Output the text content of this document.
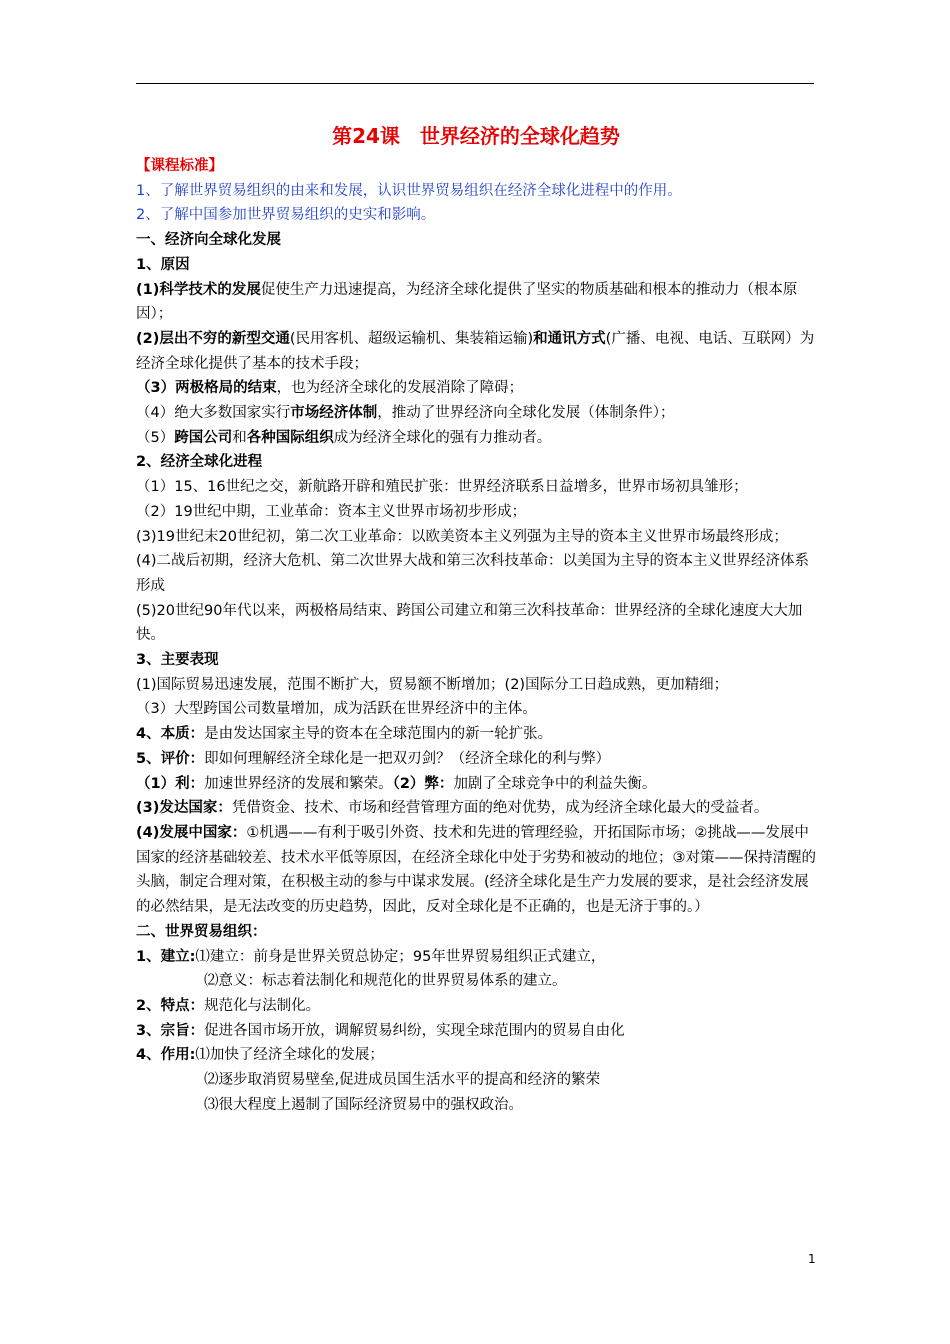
第24课　世界经济的全球化趋势

【课程标准】

1、了解世界贸易组织的由来和发展，认识世界贸易组织在经济全球化进程中的作用。

2、了解中国参加世界贸易组织的史实和影响。

一、经济向全球化发展

1、原因

(1)科学技术的发展促使生产力迅速提高，为经济全球化提供了坚实的物质基础和根本的推动力（根本原因）；

(2)层出不穷的新型交通(民用客机、超级运输机、集装箱运输)和通讯方式(广播、电视、电话、互联网）为经济全球化提供了基本的技术手段；

（3）两极格局的结束，也为经济全球化的发展消除了障碍；

（4）绝大多数国家实行市场经济体制，推动了世界经济向全球化发展（体制条件）；

（5）跨国公司和各种国际组织成为经济全球化的强有力推动者。

2、经济全球化进程

（1）15、16世纪之交，新航路开辟和殖民扩张：世界经济联系日益增多，世界市场初具雏形；

（2）19世纪中期，工业革命：资本主义世界市场初步形成；

(3)19世纪末20世纪初，第二次工业革命：以欧美资本主义列强为主导的资本主义世界市场最终形成；

(4)二战后初期，经济大危机、第二次世界大战和第三次科技革命：以美国为主导的资本主义世界经济体系形成

(5)20世纪90年代以来，两极格局结束、跨国公司建立和第三次科技革命：世界经济的全球化速度大大加快。

3、主要表现

(1)国际贸易迅速发展，范围不断扩大，贸易额不断增加；(2)国际分工日趋成熟，更加精细；

（3）大型跨国公司数量增加，成为活跃在世界经济中的主体。

4、本质：是由发达国家主导的资本在全球范围内的新一轮扩张。

5、评价：即如何理解经济全球化是一把双刃剑？（经济全球化的利与弊）

（1）利：加速世界经济的发展和繁荣。（2）弊：加剧了全球竞争中的利益失衡。

(3)发达国家：凭借资金、技术、市场和经营管理方面的绝对优势，成为经济全球化最大的受益者。

(4)发展中国家：①机遇——有利于吸引外资、技术和先进的管理经验，开拓国际市场；②挑战——发展中国家的经济基础较差、技术水平低等原因，在经济全球化中处于劣势和被动的地位；③对策——保持清醒的头脑，制定合理对策，在积极主动的参与中谋求发展。(经济全球化是生产力发展的要求，是社会经济发展的必然结果，是无法改变的历史趋势，因此，反对全球化是不正确的，也是无济于事的。）

二、世界贸易组织：

1、建立:⑴建立：前身是世界关贸总协定；95年世界贸易组织正式建立，

⑵意义：标志着法制化和规范化的世界贸易体系的建立。

2、特点：规范化与法制化。

3、宗旨：促进各国市场开放，调解贸易纠纷，实现全球范围内的贸易自由化

4、作用:⑴加快了经济全球化的发展；

⑵逐步取消贸易壁垒,促进成员国生活水平的提高和经济的繁荣

⑶很大程度上遏制了国际经济贸易中的强权政治。

1
